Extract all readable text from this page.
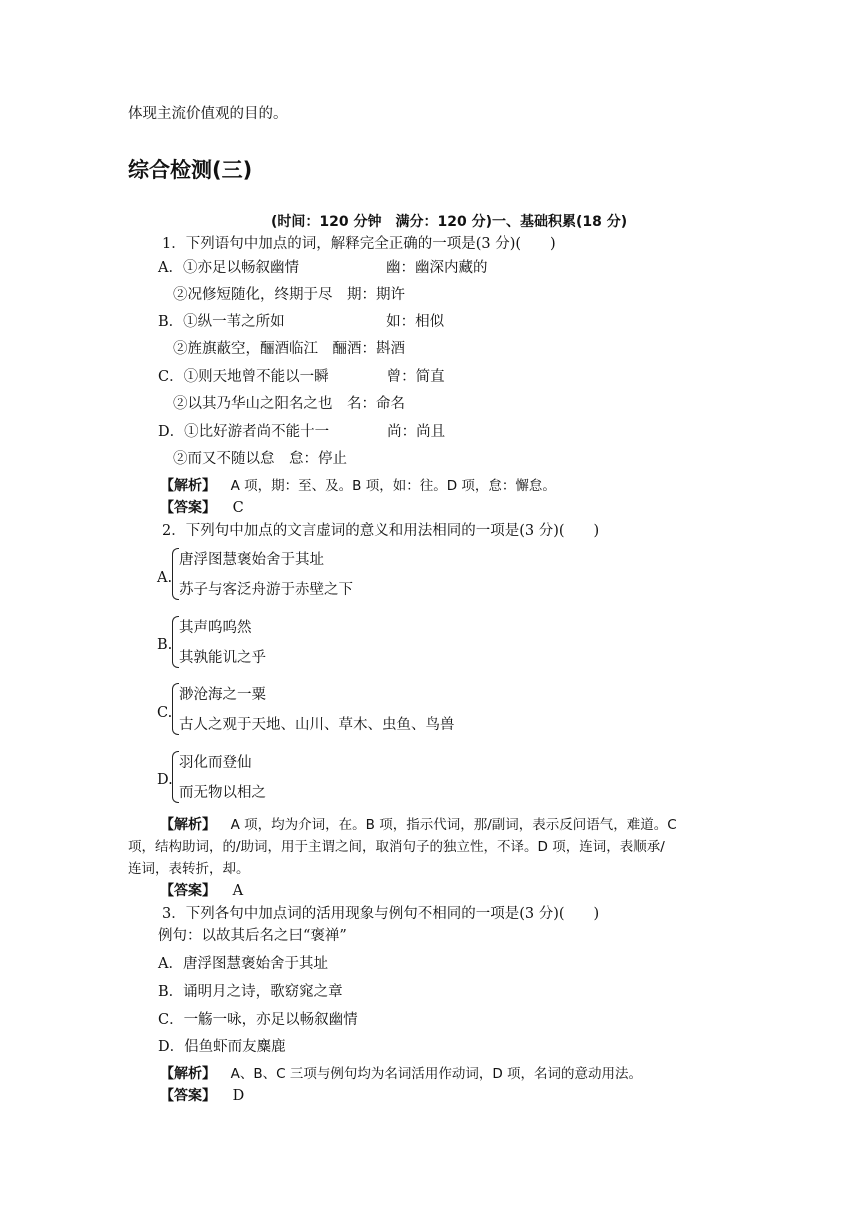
体现主流价值观的目的。
综合检测(三)
(时间：120 分钟　满分：120 分)一、基础积累(18 分)
1．下列语句中加点的词，解释完全正确的一项是(3 分)(　　)
A．①亦足以畅叙幽情　　　　　　幽：幽深内藏的
②况修短随化，终期于尽　期：期许
B．①纵一苇之所如　　　　　　　如：相似
②旌旗蔽空，酾酒临江　酾酒：斟酒
C．①则天地曾不能以一瞬　　　　曾：简直
②以其乃华山之阳名之也　名：命名
D．①比好游者尚不能十一　　　　尚：尚且
②而又不随以怠　怠：停止
【解析】 A 项，期：至、及。B 项，如：往。D 项，怠：懈怠。
【答案】 C
2．下列句中加点的文言虚词的意义和用法相同的一项是(3 分)(　　)
A.
唐浮图慧褒始舍于其址
苏子与客泛舟游于赤壁之下
B.
其声呜呜然
其孰能讥之乎
C.
渺沧海之一粟
古人之观于天地、山川、草木、虫鱼、鸟兽
D.
羽化而登仙
而无物以相之
【解析】 A 项，均为介词，在。B 项，指示代词，那/副词，表示反问语气，难道。C
项，结构助词，的/助词，用于主谓之间，取消句子的独立性，不译。D 项，连词，表顺承/
连词，表转折，却。
【答案】 A
3．下列各句中加点词的活用现象与例句不相同的一项是(3 分)(　　)
例句：以故其后名之曰“褒禅”
A．唐浮图慧褒始舍于其址
B．诵明月之诗，歌窈窕之章
C．一觞一咏，亦足以畅叙幽情
D．侣鱼虾而友麋鹿
【解析】 A、B、C 三项与例句均为名词活用作动词，D 项，名词的意动用法。
【答案】 D
